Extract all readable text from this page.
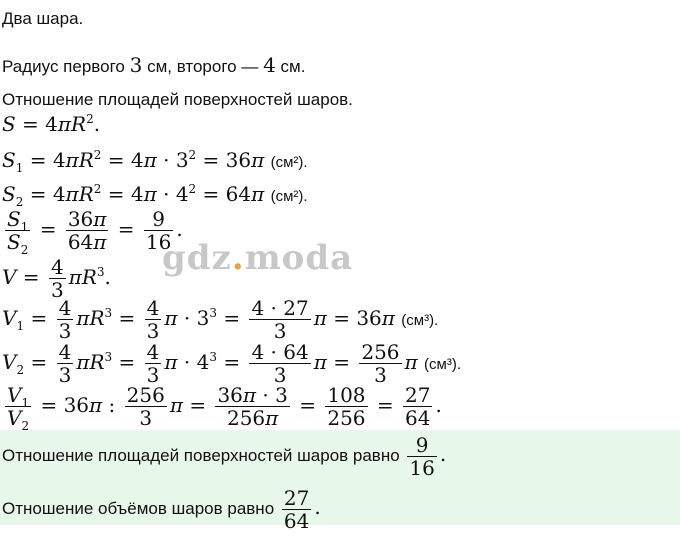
Два шара.
Радиус первого 3 см, второго — 4 см.
Отношение площадей поверхностей шаров.
$S = 4\pi R^2$.
$S_1 = 4\pi R^2 = 4\pi \cdot 3^2 = 36\pi$ (см²).
$S_2 = 4\pi R^2 = 4\pi \cdot 4^2 = 64\pi$ (см²).
$\frac{S_1}{S_2} = \frac{36\pi}{64\pi} = \frac{9}{16}$ .
gdz.moda
$V = \frac{4}{3} \pi R^3$.
$V_1 = \frac{4}{3} \pi R^3 = \frac{4}{3}$ $\pi \cdot 3^3 = \frac{4 \cdot 27}{3}$ π = 36π (см³).
$V_2 = \frac{4}{3} \pi R^3 = \frac{4}{3}$ $\pi \cdot 4^3 = \frac{4 \cdot 64}{3}$ $\pi = \frac{256}{3}$ π (см³).
$\frac{V_1}{V_2} = 36\pi$ : $\frac{256}{3}$ $\pi = \frac{36\pi \cdot 3}{256\pi} = \frac{108}{256} = \frac{27}{64}$ .
Отношение площадей поверхностей шаров равно $\frac{9}{16}$ .
Отношение объёмов шаров равно $\frac{27}{64}$ .
